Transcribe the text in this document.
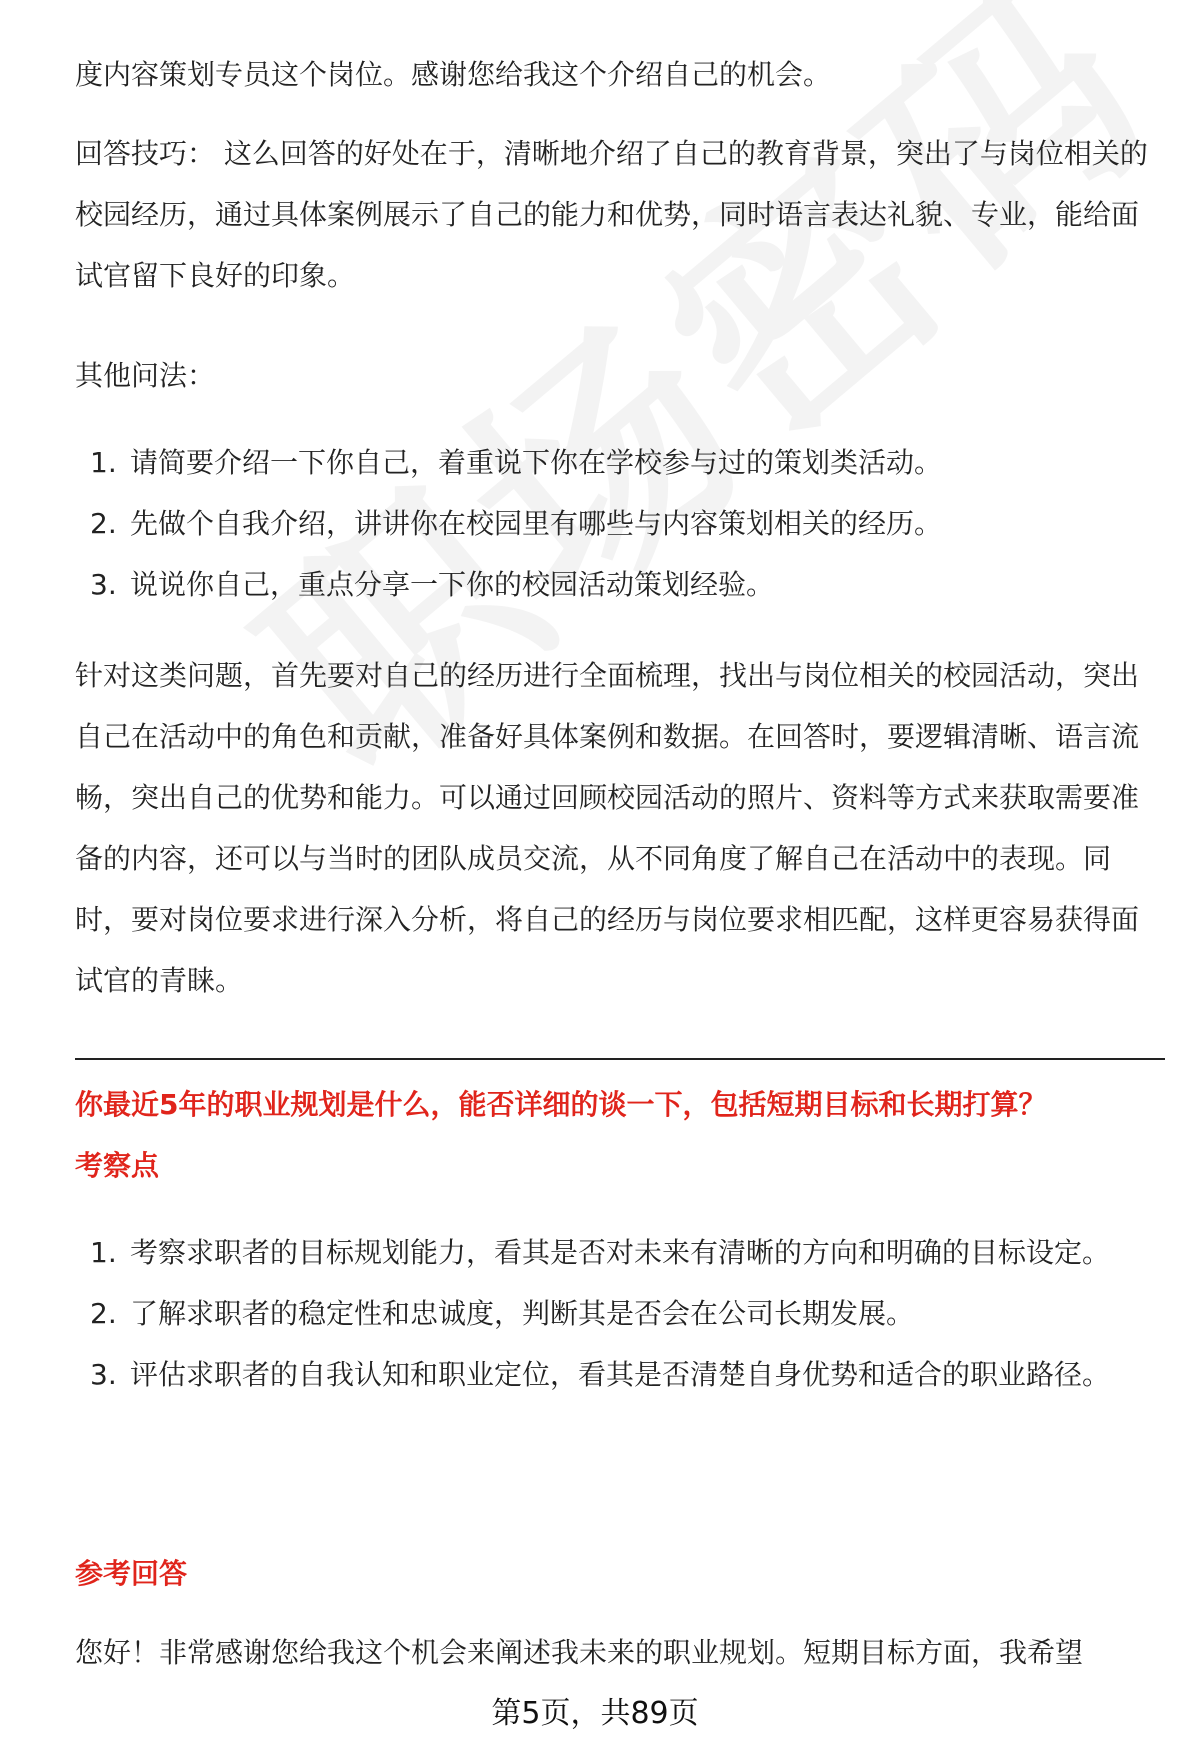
度内容策划专员这个岗位。感谢您给我这个介绍自己的机会。

回答技巧： 这么回答的好处在于，清晰地介绍了自己的教育背景，突出了与岗位相关的校园经历，通过具体案例展示了自己的能力和优势，同时语言表达礼貌、专业，能给面试官留下良好的印象。

其他问法：

1. 请简要介绍一下你自己，着重说下你在学校参与过的策划类活动。
2. 先做个自我介绍，讲讲你在校园里有哪些与内容策划相关的经历。
3. 说说你自己，重点分享一下你的校园活动策划经验。

针对这类问题，首先要对自己的经历进行全面梳理，找出与岗位相关的校园活动，突出自己在活动中的角色和贡献，准备好具体案例和数据。在回答时，要逻辑清晰、语言流畅，突出自己的优势和能力。可以通过回顾校园活动的照片、资料等方式来获取需要准备的内容，还可以与当时的团队成员交流，从不同角度了解自己在活动中的表现。同时，要对岗位要求进行深入分析，将自己的经历与岗位要求相匹配，这样更容易获得面试官的青睐。

你最近5年的职业规划是什么，能否详细的谈一下，包括短期目标和长期打算？

考察点

1. 考察求职者的目标规划能力，看其是否对未来有清晰的方向和明确的目标设定。
2. 了解求职者的稳定性和忠诚度，判断其是否会在公司长期发展。
3. 评估求职者的自我认知和职业定位，看其是否清楚自身优势和适合的职业路径。

参考回答

您好！非常感谢您给我这个机会来阐述我未来的职业规划。短期目标方面，我希望

第5页，共89页
